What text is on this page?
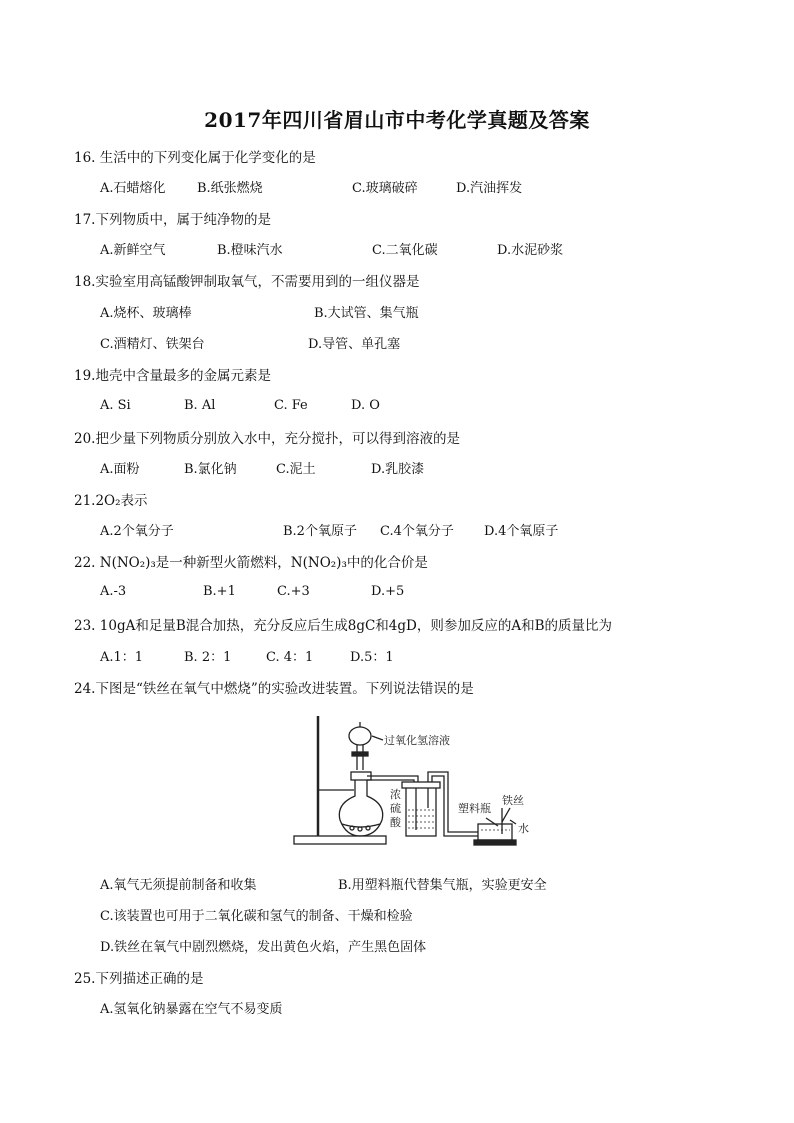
2017年四川省眉山市中考化学真题及答案
16. 生活中的下列变化属于化学变化的是
A.石蜡熔化 B.纸张燃烧	C.玻璃破碎	D.汽油挥发
17.下列物质中，属于纯净物的是
A.新鲜空气	B.橙味汽水	C.二氧化碳	D.水泥砂浆
18.实验室用高锰酸钾制取氧气，不需要用到的一组仪器是
A.烧杯、玻璃棒	B.大试管、集气瓶
C.酒精灯、铁架台	D.导管、单孔塞
19.地壳中含量最多的金属元素是
A. Si	B. Al	C. Fe	D. O
20.把少量下列物质分别放入水中，充分搅扑，可以得到溶液的是
A.面粉	B.氯化钠	C.泥土	D.乳胶漆
21.2O₂表示
A.2个氧分子	B.2个氧原子 C.4个氧分子 D.4个氧原子
22. N(NO₂)₃是一种新型火箭燃料，N(NO₂)₃中的化合价是
A.-3	B.+1	C.+3	D.+5
23. 10gA和足量B混合加热，充分反应后生成8gC和4gD，则参加反应的A和B的质量比为
A.1：1	B. 2：1	C. 4：1	D.5：1
24.下图是“铁丝在氧气中燃烧”的实验改进装置。下列说法错误的是
过氧化氢溶液
浓
硫
酸
塑料瓶
铁丝
水
A.氧气无须提前制备和收集	B.用塑料瓶代替集气瓶，实验更安全
C.该装置也可用于二氧化碳和氢气的制备、干燥和检验
D.铁丝在氧气中剧烈燃烧，发出黄色火焰，产生黑色固体
25.下列描述正确的是
A.氢氧化钠暴露在空气不易变质
